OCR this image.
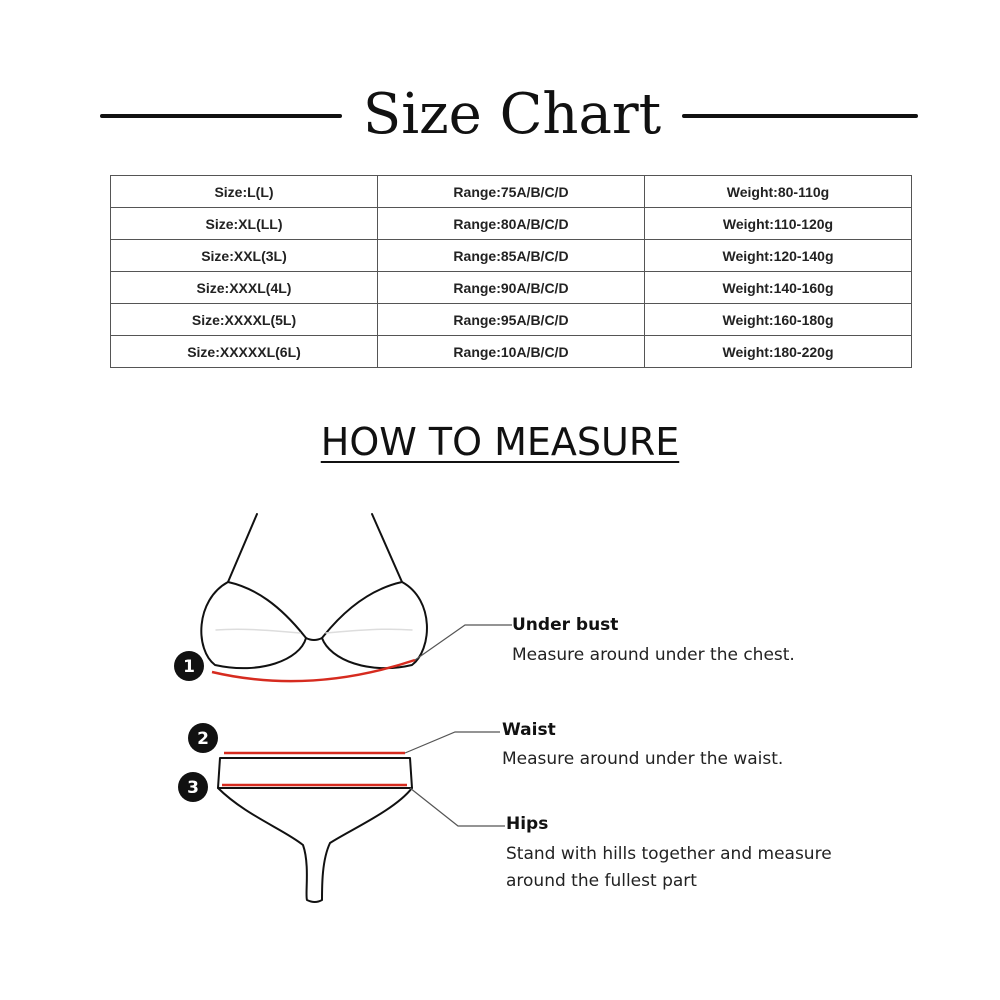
Size Chart
Size:L(L)	Range:75A/B/C/D	Weight:80-110g
Size:XL(LL)	Range:80A/B/C/D	Weight:110-120g
Size:XXL(3L)	Range:85A/B/C/D	Weight:120-140g
Size:XXXL(4L)	Range:90A/B/C/D	Weight:140-160g
Size:XXXXL(5L)	Range:95A/B/C/D	Weight:160-180g
Size:XXXXXL(6L)	Range:10A/B/C/D	Weight:180-220g
HOW TO MEASURE
1
2
3
Under bust
Measure around under the chest.
Waist
Measure around under the waist.
Hips
Stand with hills together and measure
around the fullest part
